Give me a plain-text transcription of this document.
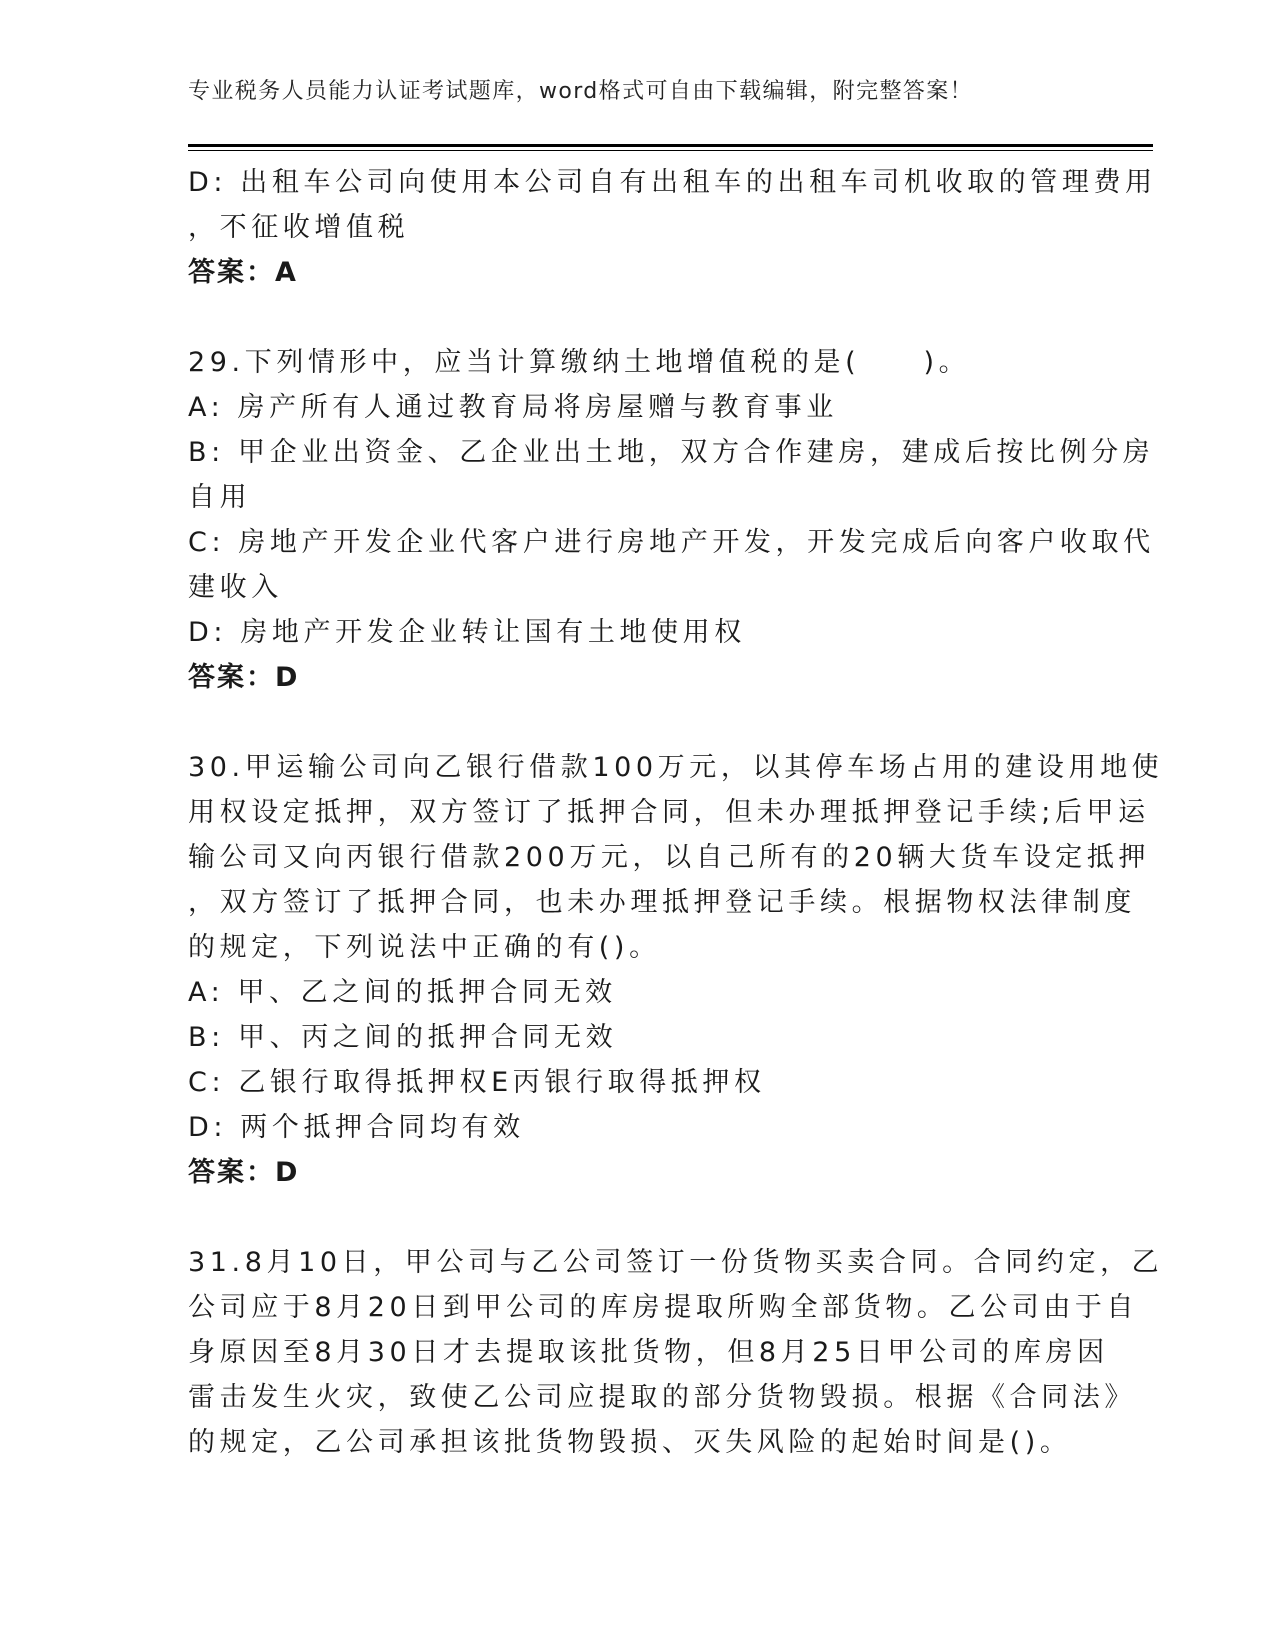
专业税务人员能力认证考试题库，word格式可自由下载编辑，附完整答案！
D: 出租车公司向使用本公司自有出租车的出租车司机收取的管理费用
，不征收增值税
答案：A
29.下列情形中，应当计算缴纳土地增值税的是(　　)。
A: 房产所有人通过教育局将房屋赠与教育事业
B: 甲企业出资金、乙企业出土地，双方合作建房，建成后按比例分房
自用
C: 房地产开发企业代客户进行房地产开发，开发完成后向客户收取代
建收入
D: 房地产开发企业转让国有土地使用权
答案：D
30.甲运输公司向乙银行借款100万元，以其停车场占用的建设用地使
用权设定抵押，双方签订了抵押合同，但未办理抵押登记手续;后甲运
输公司又向丙银行借款200万元，以自己所有的20辆大货车设定抵押
，双方签订了抵押合同，也未办理抵押登记手续。根据物权法律制度
的规定，下列说法中正确的有()。
A: 甲、乙之间的抵押合同无效
B: 甲、丙之间的抵押合同无效
C: 乙银行取得抵押权E丙银行取得抵押权
D: 两个抵押合同均有效
答案：D
31.8月10日，甲公司与乙公司签订一份货物买卖合同。合同约定，乙
公司应于8月20日到甲公司的库房提取所购全部货物。乙公司由于自
身原因至8月30日才去提取该批货物，但8月25日甲公司的库房因
雷击发生火灾，致使乙公司应提取的部分货物毁损。根据《合同法》
的规定，乙公司承担该批货物毁损、灭失风险的起始时间是()。
